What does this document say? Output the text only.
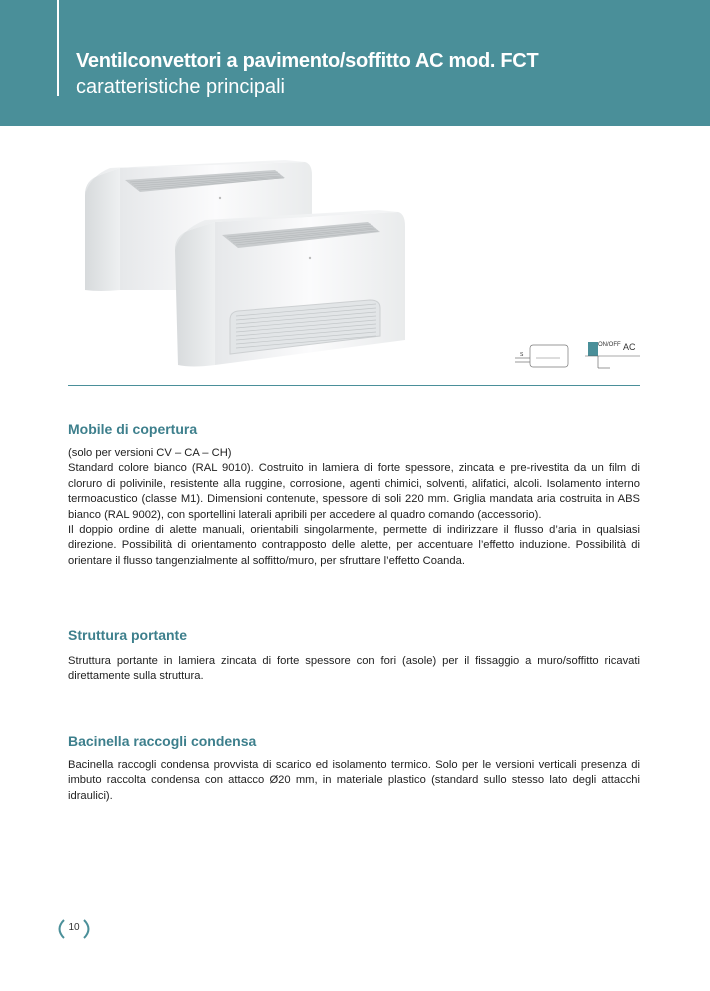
Ventilconvettori a pavimento/soffitto AC mod. FCT
caratteristiche principali
S
ON/OFF AC
Mobile di copertura

(solo per versioni CV – CA – CH)

Standard colore bianco (RAL 9010). Costruito in lamiera di forte spessore, zincata e pre-rivestita da un film di cloruro di polivinile, resistente alla ruggine, corrosione, agenti chimici, solventi, alifatici, alcoli. Isolamento interno termoacustico (classe M1). Dimensioni contenute, spessore di soli 220 mm. Griglia mandata aria costruita in ABS bianco (RAL 9002), con sportellini laterali apribili per accedere al quadro comando (accessorio).

Il doppio ordine di alette manuali, orientabili singolarmente, permette di indirizzare il flusso d’aria in qualsiasi direzione. Possibilità di orientamento contrapposto delle alette, per accentuare l’effetto induzione. Possibilità di orientare il flusso tangenzialmente al soffitto/muro, per sfruttare l’effetto Coanda.

Struttura portante

Struttura portante in lamiera zincata di forte spessore con fori (asole) per il fissaggio a muro/soffitto ricavati direttamente sulla struttura.

Bacinella raccogli condensa

Bacinella raccogli condensa provvista di scarico ed isolamento termico. Solo per le versioni verticali presenza di imbuto raccolta condensa con attacco Ø20 mm, in materiale plastico (standard sullo stesso lato degli attacchi idraulici).

10
